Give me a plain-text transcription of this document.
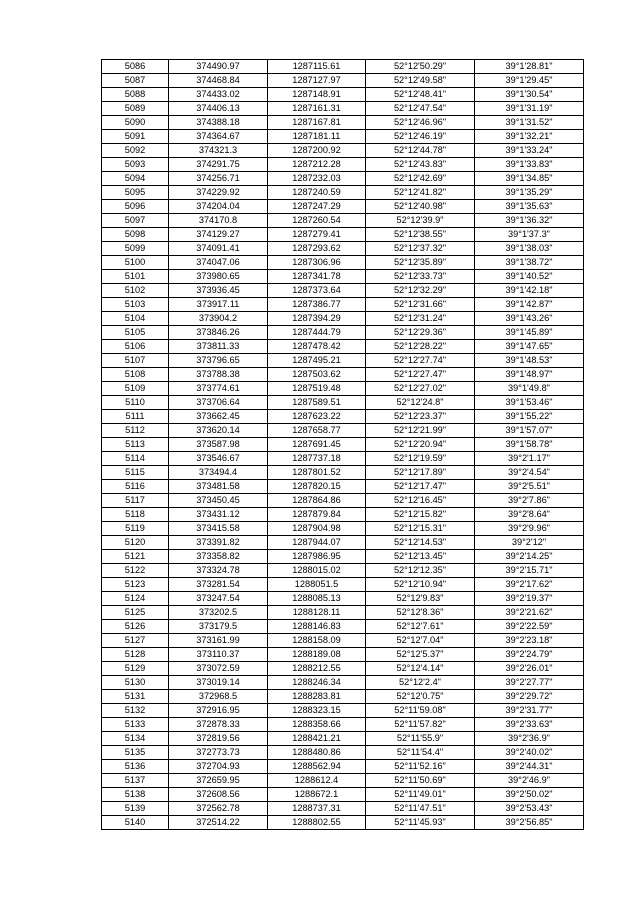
5086	374490.97	1287115.61	52°12'50.29"	39°1'28.81"
5087	374468.84	1287127.97	52°12'49.58"	39°1'29.45"
5088	374433.02	1287148.91	52°12'48.41"	39°1'30.54"
5089	374406.13	1287161.31	52°12'47.54"	39°1'31.19"
5090	374388.18	1287167.81	52°12'46.96"	39°1'31.52"
5091	374364.67	1287181.11	52°12'46.19"	39°1'32.21"
5092	374321.3	1287200.92	52°12'44.78"	39°1'33.24"
5093	374291.75	1287212.28	52°12'43.83"	39°1'33.83"
5094	374256.71	1287232.03	52°12'42.69"	39°1'34.85"
5095	374229.92	1287240.59	52°12'41.82"	39°1'35.29"
5096	374204.04	1287247.29	52°12'40.98"	39°1'35.63"
5097	374170.8	1287260.54	52°12'39.9"	39°1'36.32"
5098	374129.27	1287279.41	52°12'38.55"	39°1'37.3"
5099	374091.41	1287293.62	52°12'37.32"	39°1'38.03"
5100	374047.06	1287306.96	52°12'35.89"	39°1'38.72"
5101	373980.65	1287341.78	52°12'33.73"	39°1'40.52"
5102	373936.45	1287373.64	52°12'32.29"	39°1'42.18"
5103	373917.11	1287386.77	52°12'31.66"	39°1'42.87"
5104	373904.2	1287394.29	52°12'31.24"	39°1'43.26"
5105	373846.26	1287444.79	52°12'29.36"	39°1'45.89"
5106	373811.33	1287478.42	52°12'28.22"	39°1'47.65"
5107	373796.65	1287495.21	52°12'27.74"	39°1'48.53"
5108	373788.38	1287503.62	52°12'27.47"	39°1'48.97"
5109	373774.61	1287519.48	52°12'27.02"	39°1'49.8"
5110	373706.64	1287589.51	52°12'24.8"	39°1'53.46"
5111	373662.45	1287623.22	52°12'23.37"	39°1'55.22"
5112	373620.14	1287658.77	52°12'21.99"	39°1'57.07"
5113	373587.98	1287691.45	52°12'20.94"	39°1'58.78"
5114	373546.67	1287737.18	52°12'19.59"	39°2'1.17"
5115	373494.4	1287801.52	52°12'17.89"	39°2'4.54"
5116	373481.58	1287820.15	52°12'17.47"	39°2'5.51"
5117	373450.45	1287864.86	52°12'16.45"	39°2'7.86"
5118	373431.12	1287879.84	52°12'15.82"	39°2'8.64"
5119	373415.58	1287904.98	52°12'15.31"	39°2'9.96"
5120	373391.82	1287944.07	52°12'14.53"	39°2'12"
5121	373358.82	1287986.95	52°12'13.45"	39°2'14.25"
5122	373324.78	1288015.02	52°12'12.35"	39°2'15.71"
5123	373281.54	1288051.5	52°12'10.94"	39°2'17.62"
5124	373247.54	1288085.13	52°12'9.83"	39°2'19.37"
5125	373202.5	1288128.11	52°12'8.36"	39°2'21.62"
5126	373179.5	1288146.83	52°12'7.61"	39°2'22.59"
5127	373161.99	1288158.09	52°12'7.04"	39°2'23.18"
5128	373110.37	1288189.08	52°12'5.37"	39°2'24.79"
5129	373072.59	1288212.55	52°12'4.14"	39°2'26.01"
5130	373019.14	1288246.34	52°12'2.4"	39°2'27.77"
5131	372968.5	1288283.81	52°12'0.75"	39°2'29.72"
5132	372916.95	1288323.15	52°11'59.08"	39°2'31.77"
5133	372878.33	1288358.66	52°11'57.82"	39°2'33.63"
5134	372819.56	1288421.21	52°11'55.9"	39°2'36.9"
5135	372773.73	1288480.86	52°11'54.4"	39°2'40.02"
5136	372704.93	1288562.94	52°11'52.16"	39°2'44.31"
5137	372659.95	1288612.4	52°11'50.69"	39°2'46.9"
5138	372608.56	1288672.1	52°11'49.01"	39°2'50.02"
5139	372562.78	1288737.31	52°11'47.51"	39°2'53.43"
5140	372514.22	1288802.55	52°11'45.93"	39°2'56.85"
